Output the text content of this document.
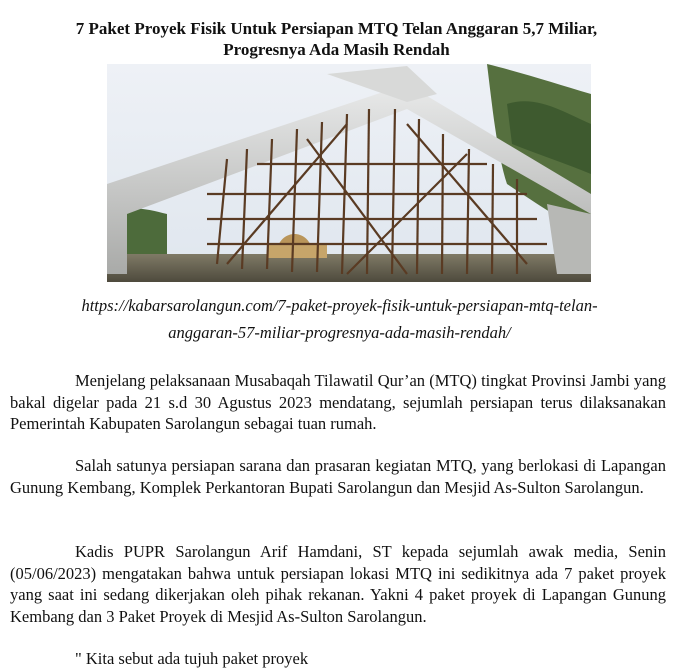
7 Paket Proyek Fisik Untuk Persiapan MTQ Telan Anggaran 5,7 Miliar,
Progresnya Ada Masih Rendah
https://kabarsarolangun.com/7-paket-proyek-fisik-untuk-persiapan-mtq-telan-
anggaran-57-miliar-progresnya-ada-masih-rendah/

Menjelang pelaksanaan Musabaqah Tilawatil Qur’an (MTQ) tingkat Provinsi Jambi yang bakal digelar pada 21 s.d 30 Agustus 2023 mendatang, sejumlah persiapan terus dilaksanakan Pemerintah Kabupaten Sarolangun sebagai tuan rumah.

Salah satunya persiapan sarana dan prasaran kegiatan MTQ, yang berlokasi di Lapangan Gunung Kembang, Komplek Perkantoran Bupati Sarolangun dan Mesjid As-Sulton Sarolangun.

Kadis PUPR Sarolangun Arif Hamdani, ST kepada sejumlah awak media, Senin (05/06/2023) mengatakan bahwa untuk persiapan lokasi MTQ ini sedikitnya ada 7 paket proyek yang saat ini sedang dikerjakan oleh pihak rekanan. Yakni 4 paket proyek di Lapangan Gunung Kembang dan 3 Paket Proyek di Mesjid As-Sulton Sarolangun.

" Kita sebut ada tujuh paket proyek
